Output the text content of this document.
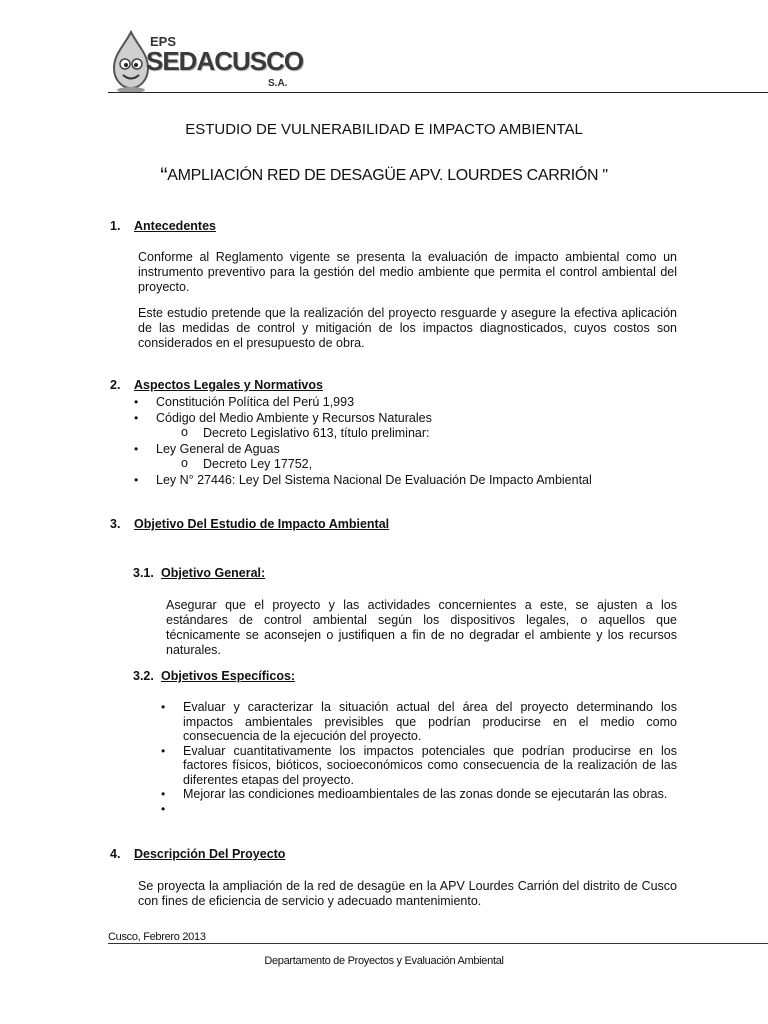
EPS
SEDACUSCO
S.A.
ESTUDIO DE VULNERABILIDAD E IMPACTO AMBIENTAL
“AMPLIACIÓN RED DE DESAGÜE APV. LOURDES CARRIÓN "
1. Antecedentes
Conforme al Reglamento vigente se presenta la evaluación de impacto ambiental como un instrumento preventivo para la gestión del medio ambiente que permita el control ambiental del proyecto.
Este estudio pretende que la realización del proyecto resguarde y asegure la efectiva aplicación de las medidas de control y mitigación de los impactos diagnosticados, cuyos costos son considerados en el presupuesto de obra.
2. Aspectos Legales y Normativos
• Constitución Política del Perú 1,993
• Código del Medio Ambiente y Recursos Naturales
o Decreto Legislativo 613, título preliminar:
• Ley General de Aguas
o Decreto Ley 17752,
• Ley N° 27446: Ley Del Sistema Nacional De Evaluación De Impacto Ambiental
3. Objetivo Del Estudio de Impacto Ambiental
3.1. Objetivo General:
Asegurar que el proyecto y las actividades concernientes a este, se ajusten a los estándares de control ambiental según los dispositivos legales, o aquellos que técnicamente se aconsejen o justifiquen a fin de no degradar el ambiente y los recursos naturales.
3.2. Objetivos Específicos:
• Evaluar y caracterizar la situación actual del área del proyecto determinando los impactos ambientales previsibles que podrían producirse en el medio como consecuencia de la ejecución del proyecto.
• Evaluar cuantitativamente los impactos potenciales que podrían producirse en los factores físicos, bióticos, socioeconómicos como consecuencia de la realización de las diferentes etapas del proyecto.
• Mejorar las condiciones medioambientales de las zonas donde se ejecutarán las obras.
•
4. Descripción Del Proyecto
Se proyecta la ampliación de la red de desagüe en la APV Lourdes Carrión del distrito de Cusco con fines de eficiencia de servicio y adecuado mantenimiento.
Cusco, Febrero 2013
Departamento de Proyectos y Evaluación Ambiental
